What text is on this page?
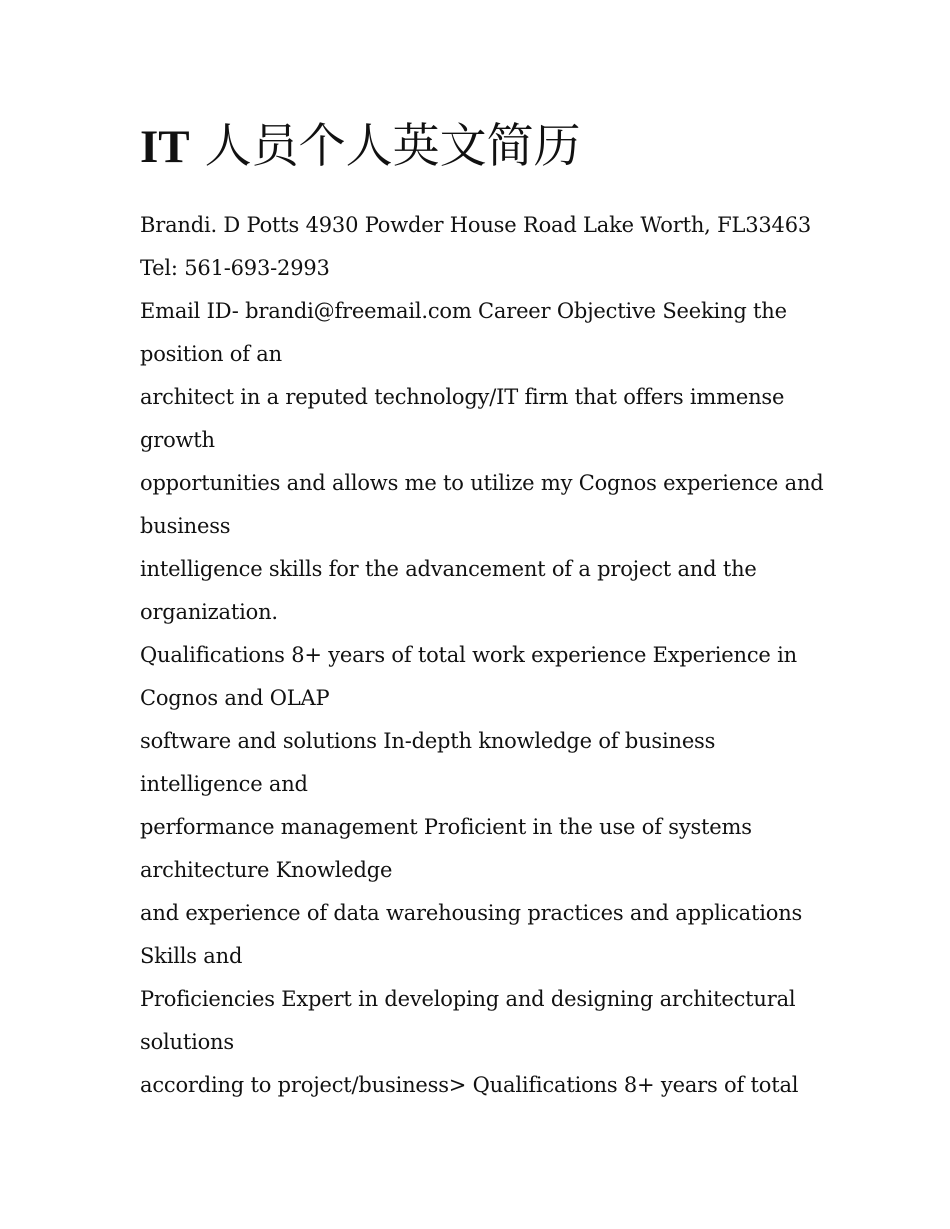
IT 人员个人英文简历
Brandi. D Potts 4930 Powder House Road Lake Worth, FL33463
Tel: 561-693-2993
Email ID- brandi@freemail.com Career Objective Seeking the
position of an
architect in a reputed technology/IT firm that offers immense
growth
opportunities and allows me to utilize my Cognos experience and
business
intelligence skills for the advancement of a project and the
organization.
Qualifications 8+ years of total work experience Experience in
Cognos and OLAP
software and solutions In-depth knowledge of business
intelligence and
performance management Proficient in the use of systems
architecture Knowledge
and experience of data warehousing practices and applications
Skills and
Proficiencies Expert in developing and designing architectural
solutions
according to project/business> Qualifications 8+ years of total
